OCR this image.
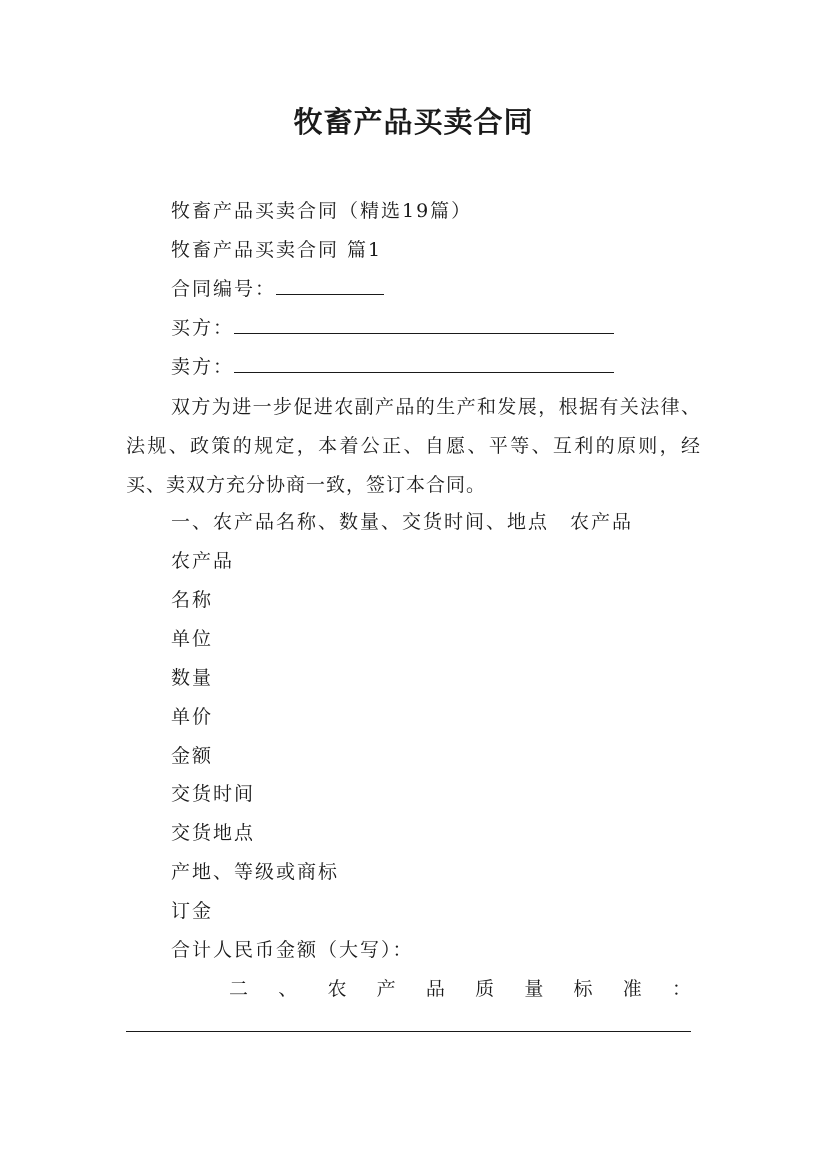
牧畜产品买卖合同
牧畜产品买卖合同（精选19篇）
牧畜产品买卖合同 篇1
合同编号：
买方：
卖方：

双方为进一步促进农副产品的生产和发展，根据有关法律、法规、政策的规定，本着公正、自愿、平等、互利的原则，经买、卖双方充分协商一致，签订本合同。

一、农产品名称、数量、交货时间、地点　农产品
农产品
名称
单位
数量
单价
金额
交货时间
交货地点
产地、等级或商标
订金
合计人民币金额（大写）：
二 、 农 产 品 质 量 标 准 ：
